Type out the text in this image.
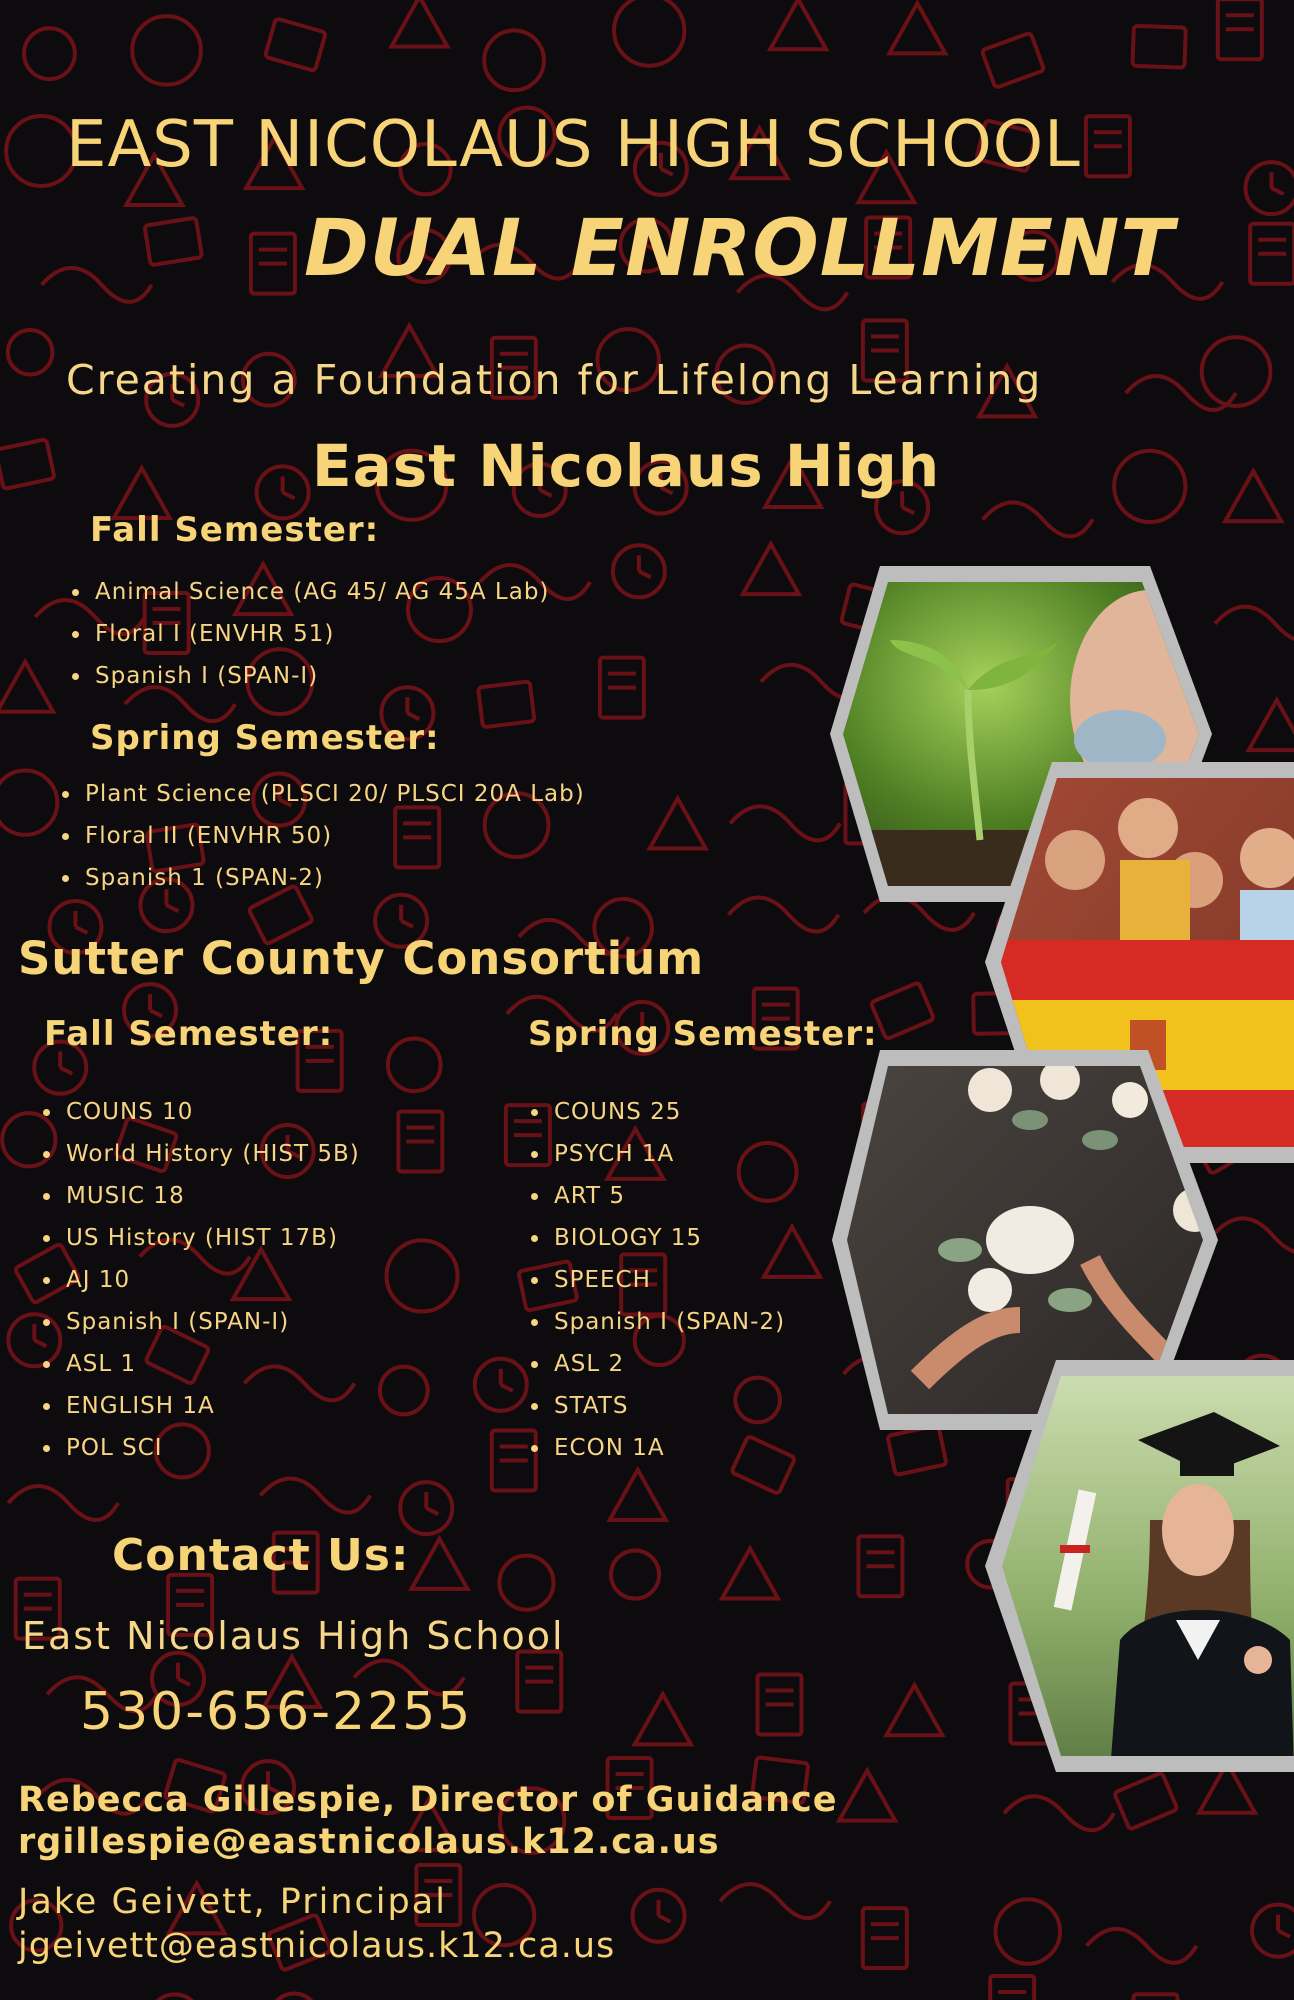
EAST NICOLAUS HIGH SCHOOL
DUAL ENROLLMENT
Creating a Foundation for Lifelong Learning
East Nicolaus High
Fall Semester:
Animal Science (AG 45/ AG 45A Lab)
Floral I (ENVHR 51)
Spanish I (SPAN-I)
Spring Semester:
Plant Science (PLSCI 20/ PLSCI 20A Lab)
Floral II (ENVHR 50)
Spanish 1 (SPAN-2)
Sutter County Consortium
Fall Semester:	Spring Semester:
COUNS 10
World History (HIST 5B)
MUSIC 18
US History (HIST 17B)
AJ 10
Spanish I (SPAN-I)
ASL 1
ENGLISH 1A
POL SCI
COUNS 25
PSYCH 1A
ART 5
BIOLOGY 15
SPEECH
Spanish I (SPAN-2)
ASL 2
STATS
ECON 1A
Contact Us:
East Nicolaus High School
530-656-2255
Rebecca Gillespie, Director of Guidance
rgillespie@eastnicolaus.k12.ca.us
Jake Geivett, Principal
jgeivett@eastnicolaus.k12.ca.us
